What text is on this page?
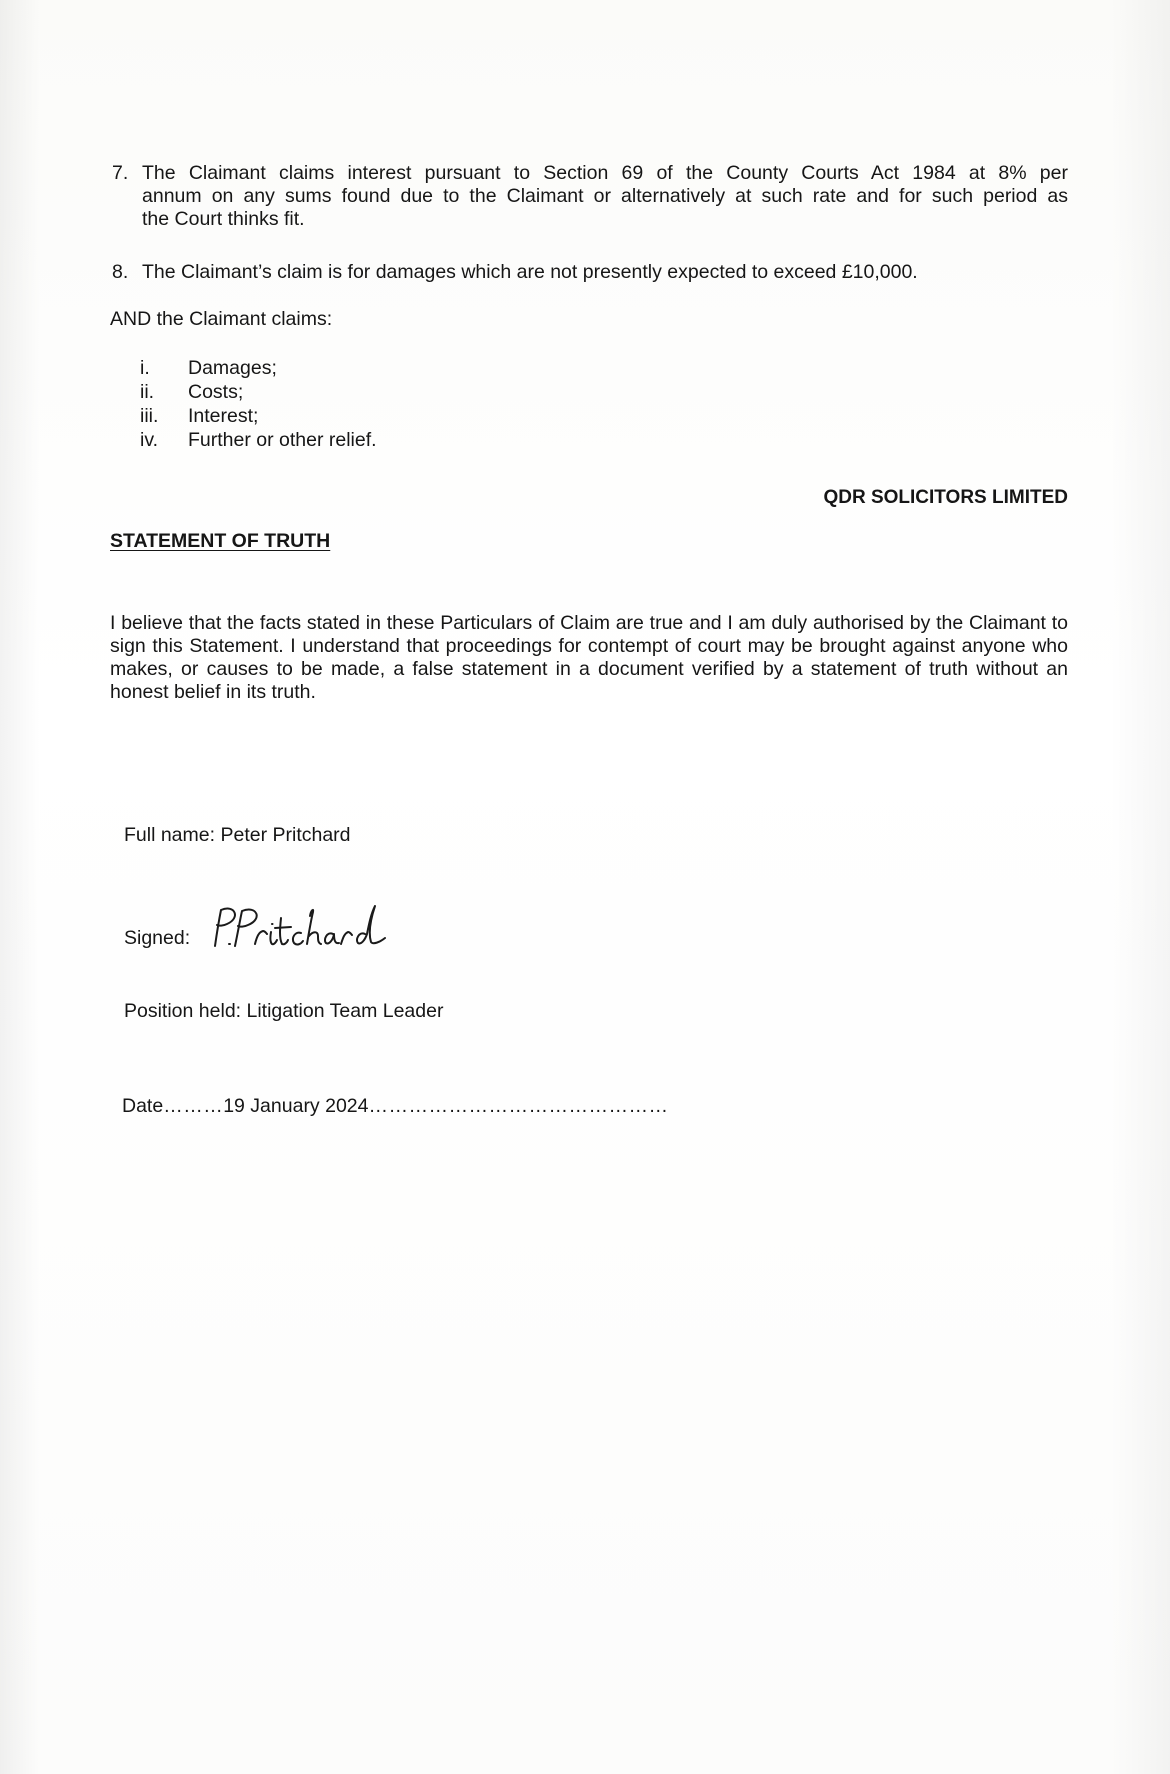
7. The Claimant claims interest pursuant to Section 69 of the County Courts Act 1984 at 8% per
annum on any sums found due to the Claimant or alternatively at such rate and for such period as
the Court thinks fit.
8. The Claimant’s claim is for damages which are not presently expected to exceed £10,000.
AND the Claimant claims:
i. Damages;
ii. Costs;
iii. Interest;
iv. Further or other relief.
QDR SOLICITORS LIMITED
STATEMENT OF TRUTH
I believe that the facts stated in these Particulars of Claim are true and I am duly authorised by the Claimant to sign this Statement. I understand that proceedings for contempt of court may be brought against anyone who makes, or causes to be made, a false statement in a document verified by a statement of truth without an honest belief in its truth.
Full name: Peter Pritchard
Signed:
Position held: Litigation Team Leader
Date………19 January 2024………………………………………
